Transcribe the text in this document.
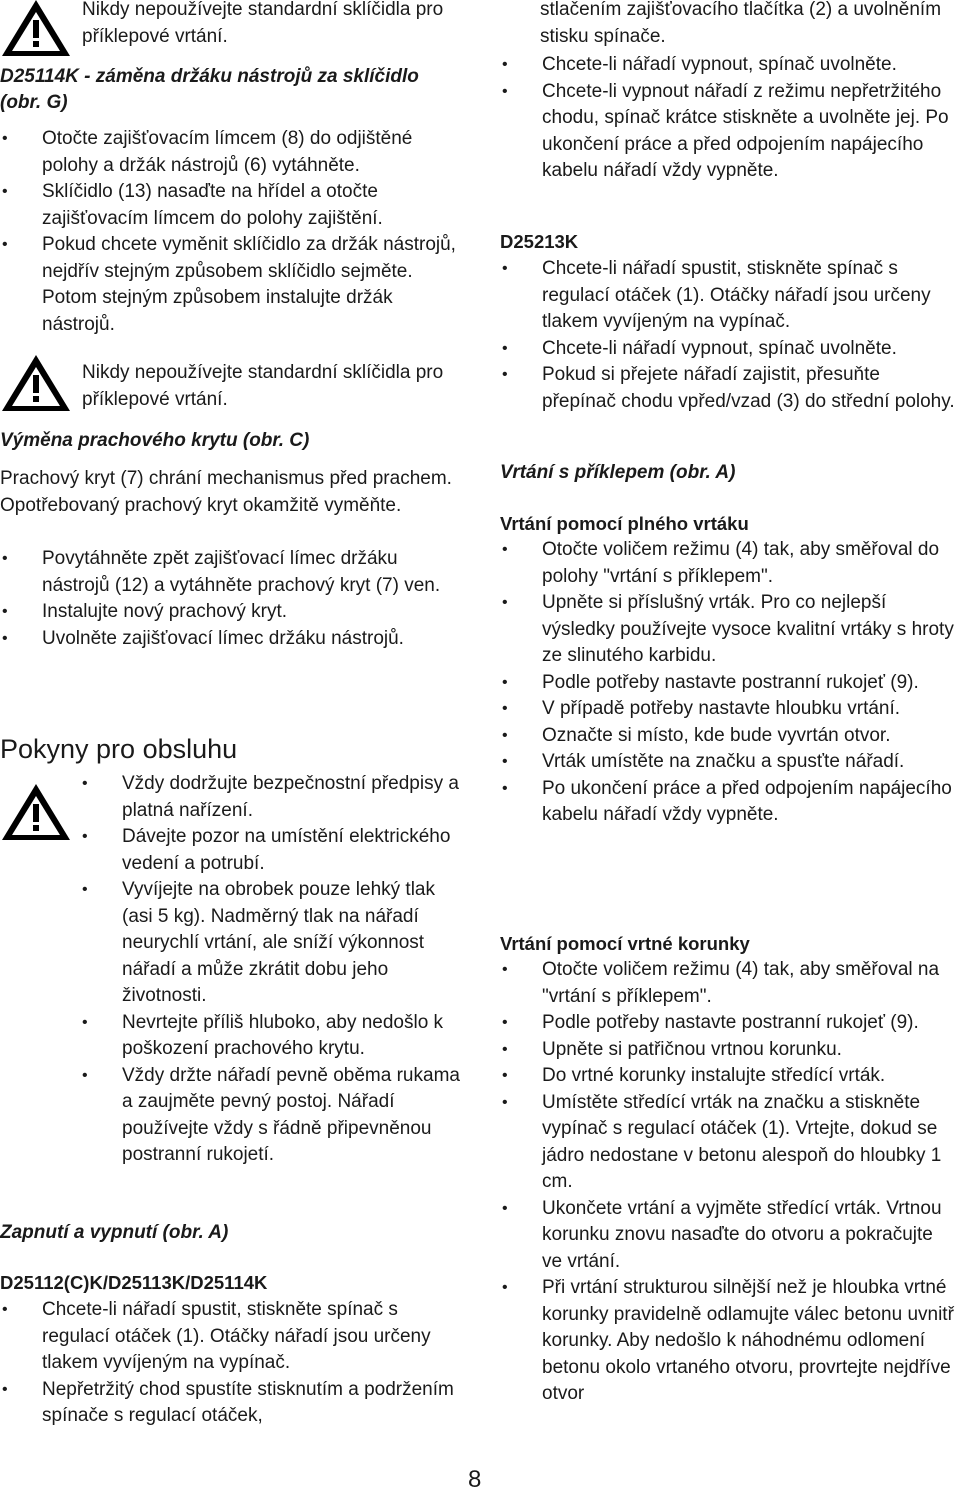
Nikdy nepoužívejte standardní sklíčidla pro příklepové vrtání.
D25114K - záměna držáku nástrojů za sklíčidlo (obr. G)
• Otočte zajišťovacím límcem (8) do odjištěné polohy a držák nástrojů (6) vytáhněte.
• Sklíčidlo (13) nasaďte na hřídel a otočte zajišťovacím límcem do polohy zajištění.
• Pokud chcete vyměnit sklíčidlo za držák nástrojů, nejdřív stejným způsobem sklíčidlo sejměte. Potom stejným způsobem instalujte držák nástrojů.
Nikdy nepoužívejte standardní sklíčidla pro příklepové vrtání.
Výměna prachového krytu (obr. C)
Prachový kryt (7) chrání mechanismus před prachem. Opotřebovaný prachový kryt okamžitě vyměňte.
• Povytáhněte zpět zajišťovací límec držáku nástrojů (12) a vytáhněte prachový kryt (7) ven.
• Instalujte nový prachový kryt.
• Uvolněte zajišťovací límec držáku nástrojů.
Pokyny pro obsluhu
• Vždy dodržujte bezpečnostní předpisy a platná nařízení.
• Dávejte pozor na umístění elektrického vedení a potrubí.
• Vyvíjejte na obrobek pouze lehký tlak (asi 5 kg). Nadměrný tlak na nářadí neurychlí vrtání, ale sníží výkonnost nářadí a může zkrátit dobu jeho životnosti.
• Nevrtejte příliš hluboko, aby nedošlo k poškození prachového krytu.
• Vždy držte nářadí pevně oběma rukama a zaujměte pevný postoj. Nářadí používejte vždy s řádně připevněnou postranní rukojetí.
Zapnutí a vypnutí (obr. A)
D25112(C)K/D25113K/D25114K
• Chcete-li nářadí spustit, stiskněte spínač s regulací otáček (1). Otáčky nářadí jsou určeny tlakem vyvíjeným na vypínač.
• Nepřetržitý chod spustíte stisknutím a podržením spínače s regulací otáček,
stlačením zajišťovacího tlačítka (2) a uvolněním stisku spínače.
• Chcete-li nářadí vypnout, spínač uvolněte.
• Chcete-li vypnout nářadí z režimu nepřetržitého chodu, spínač krátce stiskněte a uvolněte jej. Po ukončení práce a před odpojením napájecího kabelu nářadí vždy vypněte.
D25213K
• Chcete-li nářadí spustit, stiskněte spínač s regulací otáček (1). Otáčky nářadí jsou určeny tlakem vyvíjeným na vypínač.
• Chcete-li nářadí vypnout, spínač uvolněte.
• Pokud si přejete nářadí zajistit, přesuňte přepínač chodu vpřed/vzad (3) do střední polohy.
Vrtání s příklepem (obr. A)
Vrtání pomocí plného vrtáku
• Otočte voličem režimu (4) tak, aby směřoval do polohy "vrtání s příklepem".
• Upněte si příslušný vrták. Pro co nejlepší výsledky používejte vysoce kvalitní vrtáky s hroty ze slinutého karbidu.
• Podle potřeby nastavte postranní rukojeť (9).
• V případě potřeby nastavte hloubku vrtání.
• Označte si místo, kde bude vyvrtán otvor.
• Vrták umístěte na značku a spusťte nářadí.
• Po ukončení práce a před odpojením napájecího kabelu nářadí vždy vypněte.
Vrtání pomocí vrtné korunky
• Otočte voličem režimu (4) tak, aby směřoval na "vrtání s příklepem".
• Podle potřeby nastavte postranní rukojeť (9).
• Upněte si patřičnou vrtnou korunku.
• Do vrtné korunky instalujte středící vrták.
• Umístěte středící vrták na značku a stiskněte vypínač s regulací otáček (1). Vrtejte, dokud se jádro nedostane v betonu alespoň do hloubky 1 cm.
• Ukončete vrtání a vyjměte středící vrták. Vrtnou korunku znovu nasaďte do otvoru a pokračujte ve vrtání.
• Při vrtání strukturou silnější než je hloubka vrtné korunky pravidelně odlamujte válec betonu uvnitř korunky. Aby nedošlo k náhodnému odlomení betonu okolo vrtaného otvoru, provrtejte nejdříve otvor
8
